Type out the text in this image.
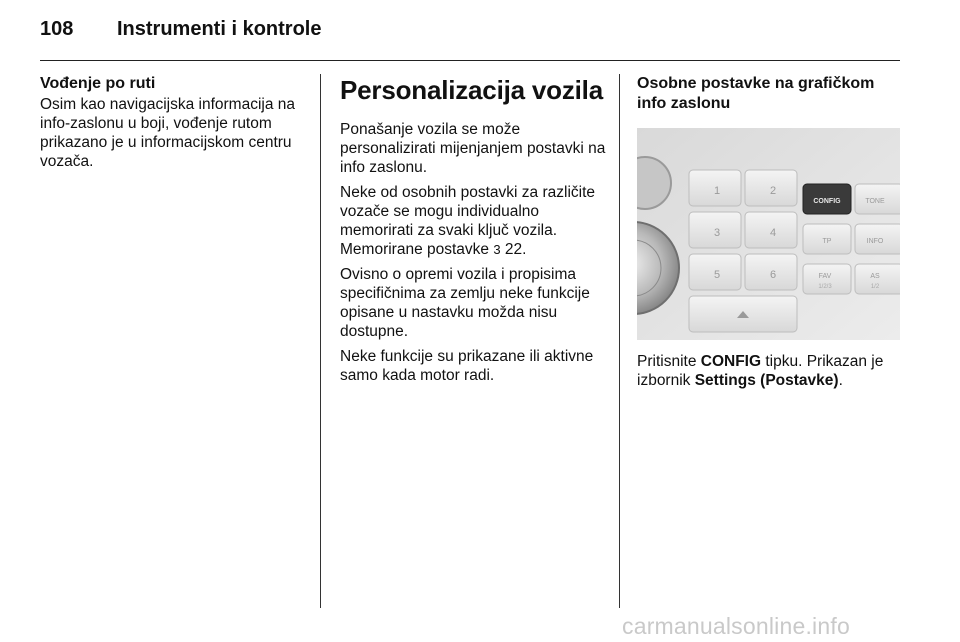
108 Instrumenti i kontrole
Vođenje po ruti

Osim kao navigacijska informacija na info-zaslonu u boji, vođenje rutom prikazano je u informacijskom centru vozača.

Personalizacija vozila

Ponašanje vozila se može personalizirati mijenjanjem postavki na info zaslonu.

Neke od osobnih postavki za različite vozače se mogu individualno memorirati za svaki ključ vozila. Memorirane postavke 3 22.

Ovisno o opremi vozila i propisima specifičnima za zemlju neke funkcije opisane u nastavku možda nisu dostupne.

Neke funkcije su prikazane ili aktivne samo kada motor radi.

Osobne postavke na grafičkom info zaslonu
1	2
3	4
5	6
CONFIG	TONE
TP	INFO
FAV
1/2/3
AS
1/2

Pritisnite CONFIG tipku. Prikazan je izbornik Settings (Postavke).

carmanualsonline.info
